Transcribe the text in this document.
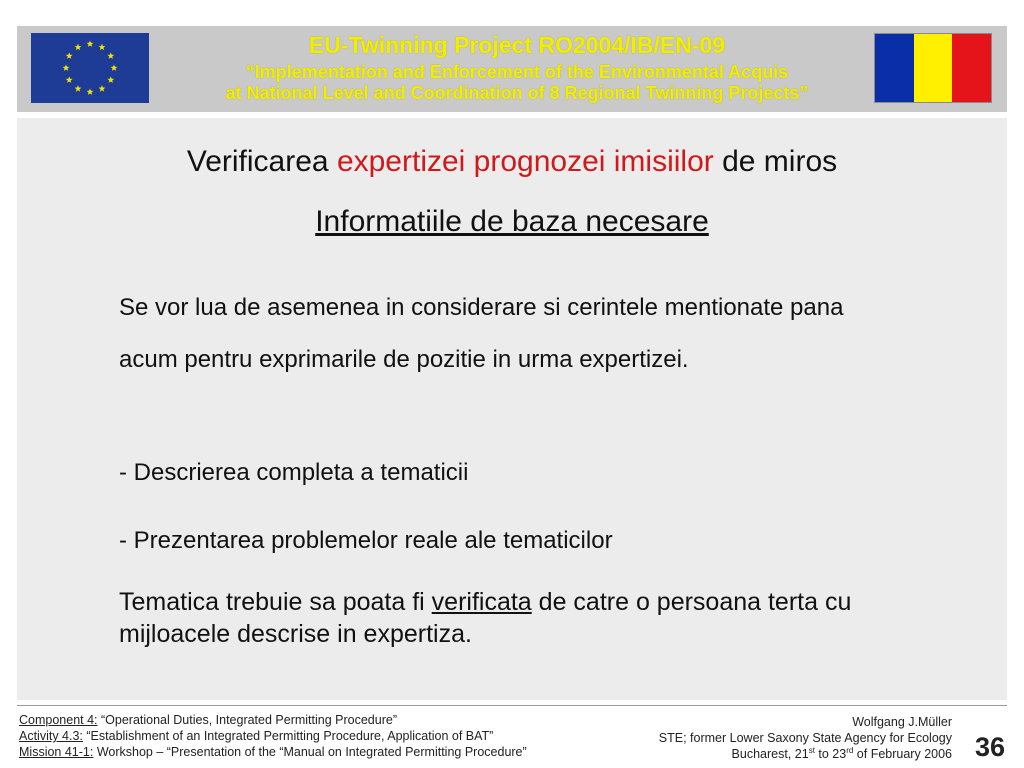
EU-Twinning Project RO2004/IB/EN-09
“Implementation and Enforcement of the Environmental Acquis
at National Level and Coordination of 8 Regional Twinning Projects”
Verificarea expertizei prognozei imisiilor de miros
Informatiile de baza necesare
Se vor lua de asemenea in considerare si cerintele mentionate pana acum pentru exprimarile de pozitie in urma expertizei.
- Descrierea completa a tematicii
- Prezentarea problemelor reale ale tematicilor
Tematica trebuie sa poata fi verificata de catre o persoana terta cu mijloacele descrise in expertiza.
Component 4: “Operational Duties, Integrated Permitting Procedure”
Activity 4.3: “Establishment of an Integrated Permitting Procedure, Application of BAT”
Mission 41-1: Workshop – “Presentation of the “Manual on Integrated Permitting Procedure”
Wolfgang J.Müller
STE; former Lower Saxony State Agency for Ecology
Bucharest, 21st to 23rd of February 2006 36
